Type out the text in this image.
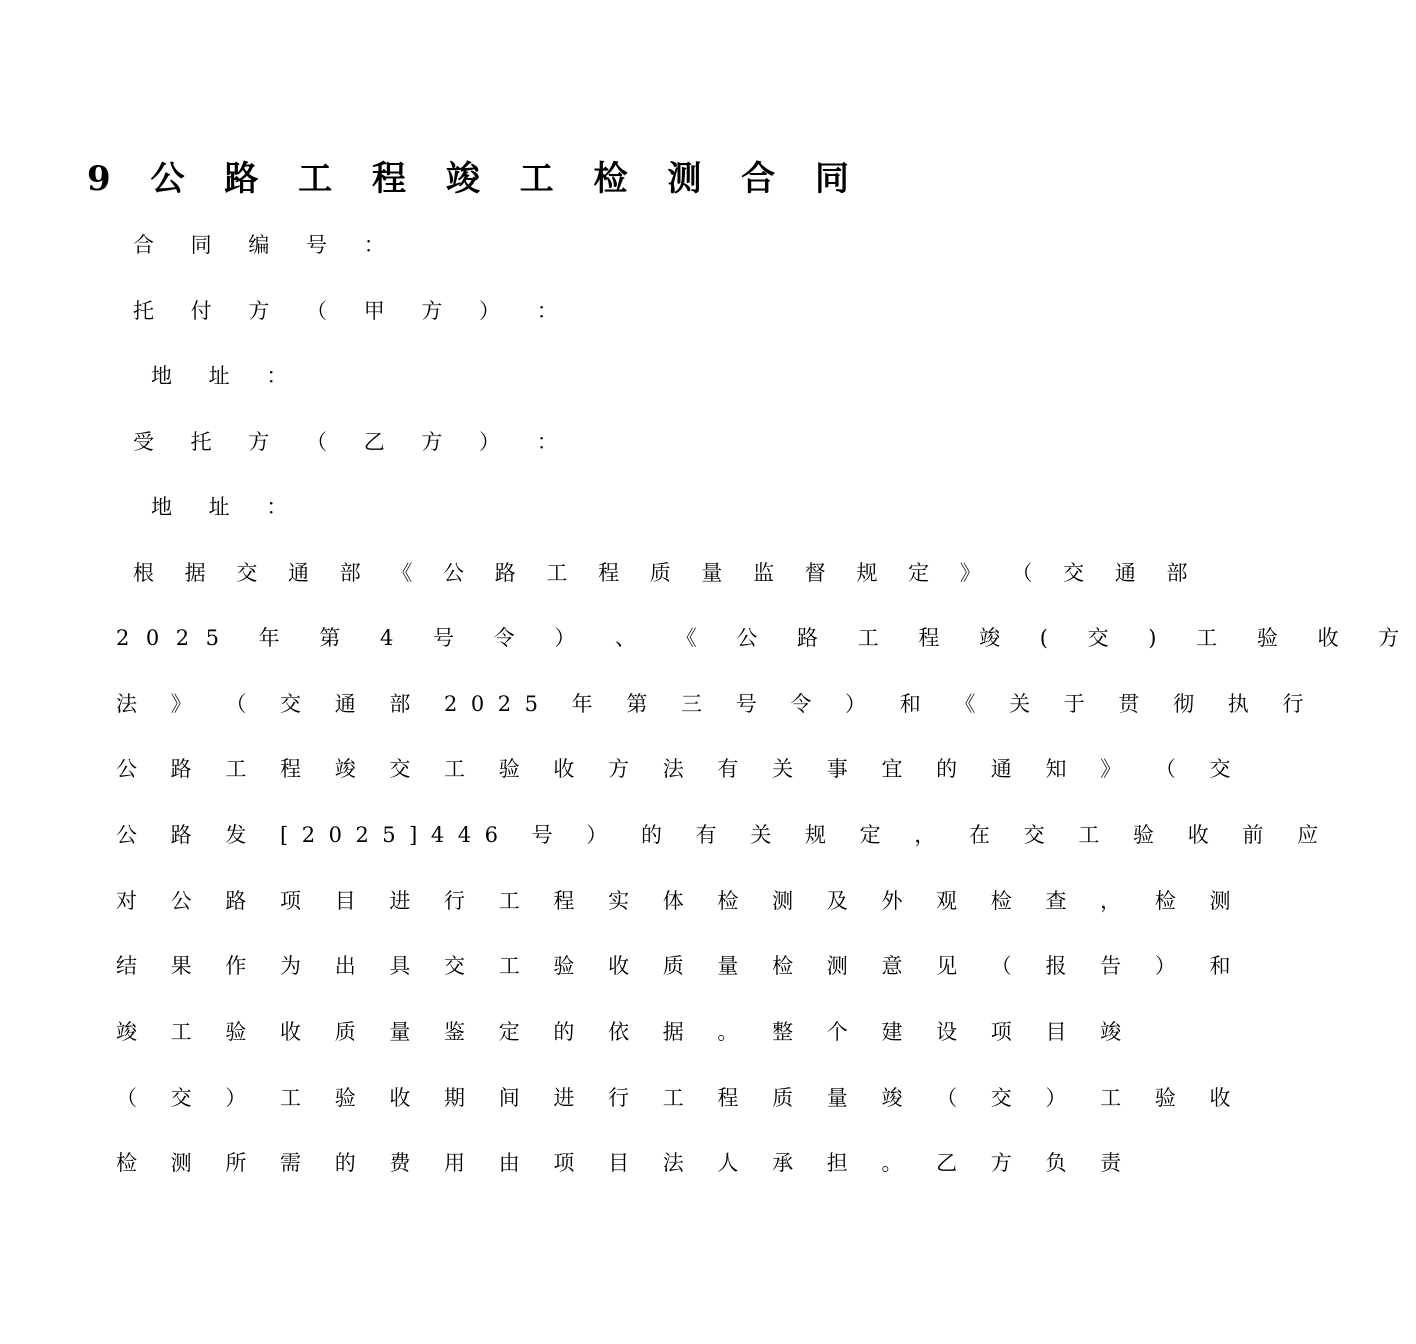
9 公 路 工 程 竣 工 检 测 合 同
合 同 编 号 ：
托 付 方 （ 甲 方 ） ：
地 址 ：
受 托 方 （ 乙 方 ） ：
地 址 ：
根 据 交 通 部 《 公 路 工 程 质 量 监 督 规 定 》 （ 交 通 部
2025 年 第 4 号 令 ） 、 《 公 路 工 程 竣 ( 交 ) 工 验 收 方
法 》 （ 交 通 部 2025 年 第 三 号 令 ） 和 《 关 于 贯 彻 执 行
公 路 工 程 竣 交 工 验 收 方 法 有 关 事 宜 的 通 知 》 （ 交
公 路 发 [2025]446 号 ） 的 有 关 规 定 ， 在 交 工 验 收 前 应
对 公 路 项 目 进 行 工 程 实 体 检 测 及 外 观 检 查 ， 检 测
结 果 作 为 出 具 交 工 验 收 质 量 检 测 意 见 （ 报 告 ） 和
竣 工 验 收 质 量 鉴 定 的 依 据 。 整 个 建 设 项 目 竣
（ 交 ） 工 验 收 期 间 进 行 工 程 质 量 竣 （ 交 ） 工 验 收
检 测 所 需 的 费 用 由 项 目 法 人 承 担 。 乙 方 负 责
